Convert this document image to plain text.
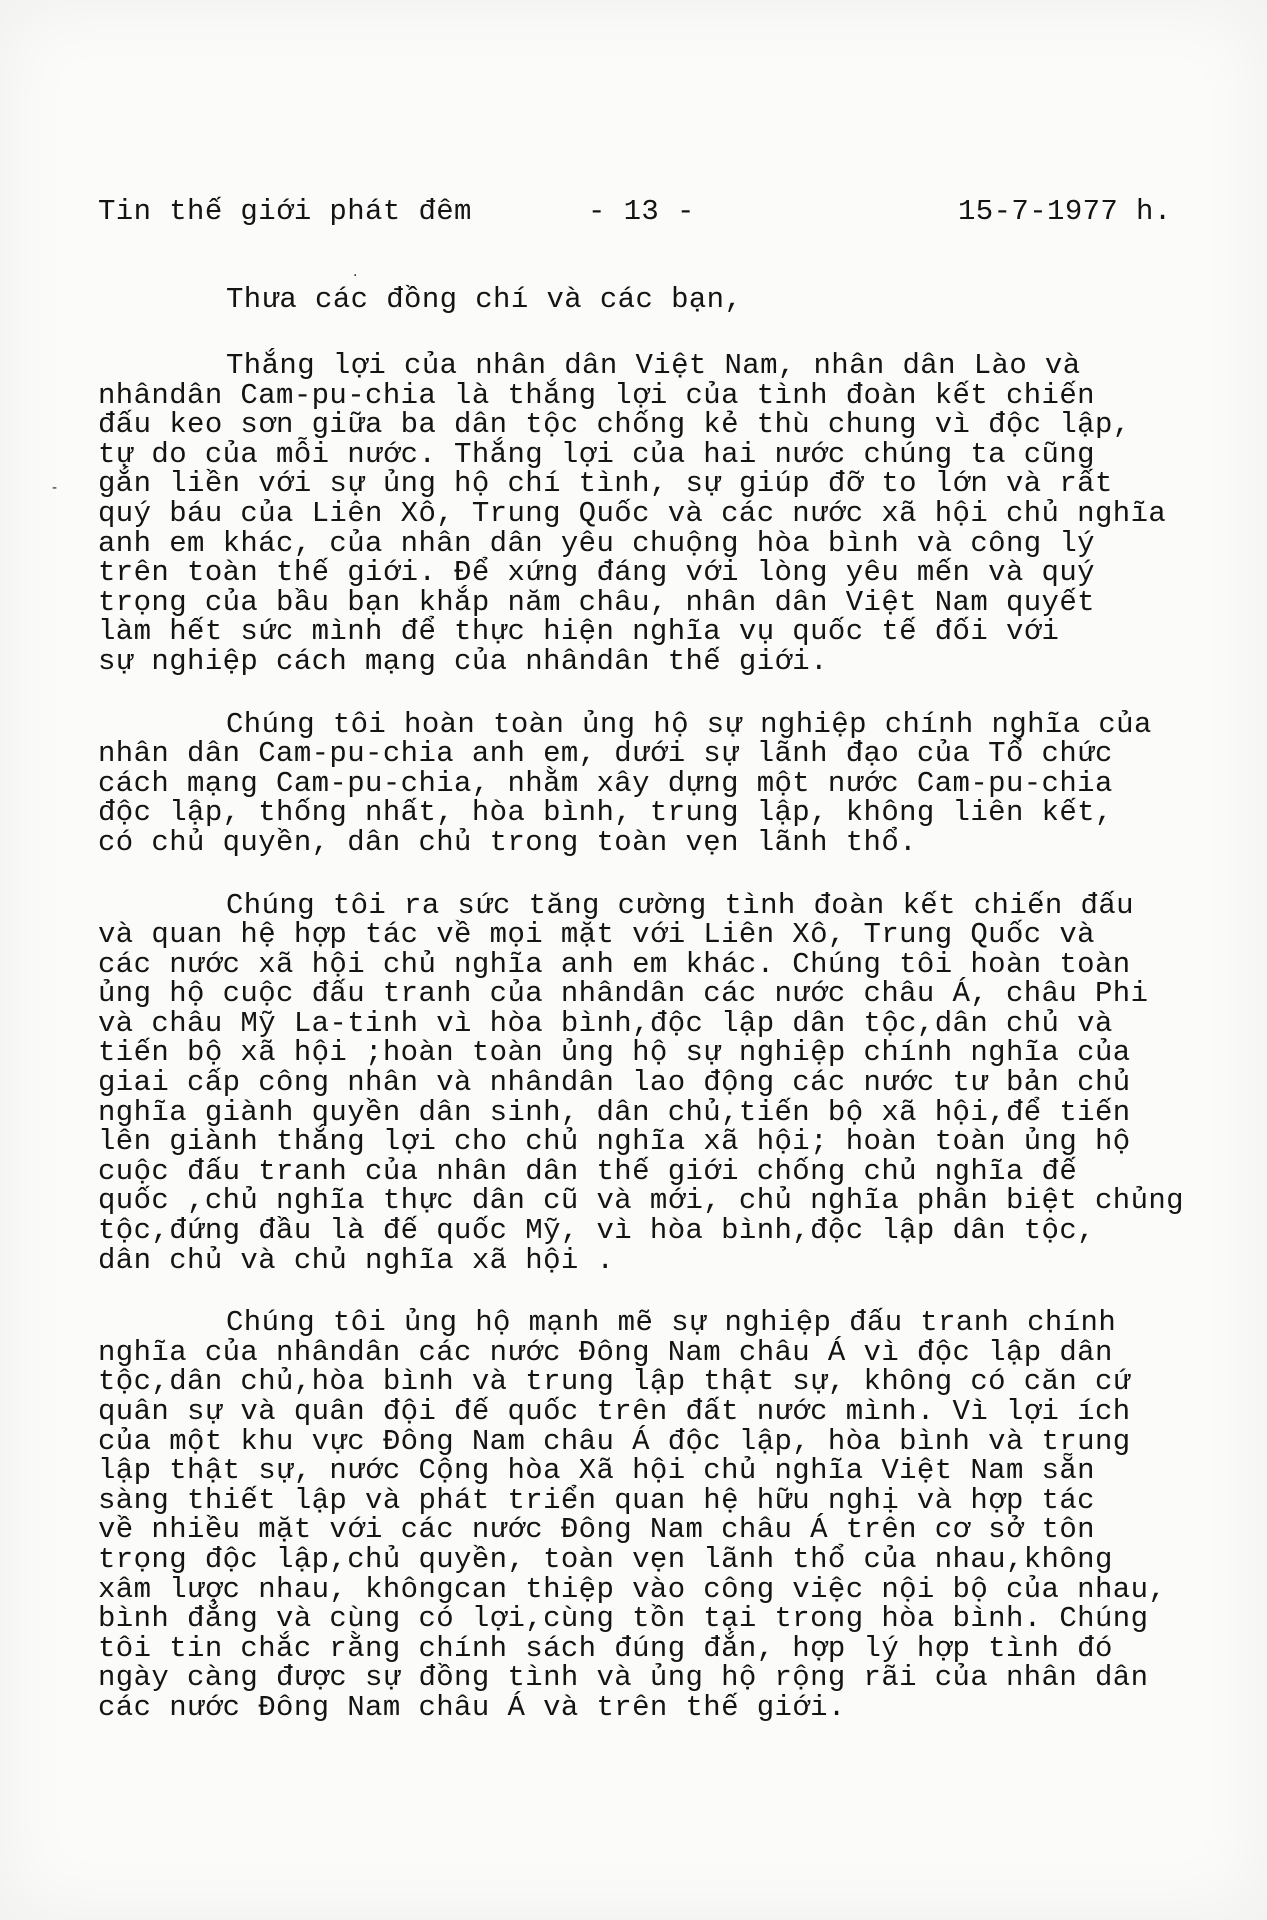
Tin thế giới phát đêm	- 13 -	15-7-1977 h.
·
-
Thưa các đồng chí và các bạn,
Thắng lợi của nhân dân Việt Nam, nhân dân Lào và
nhândân Cam-pu-chia là thắng lợi của tình đoàn kết chiến
đấu keo sơn giữa ba dân tộc chống kẻ thù chung vì độc lập,
tự do của mỗi nước. Thắng lợi của hai nước chúng ta cũng
gắn liền với sự ủng hộ chí tình, sự giúp đỡ to lớn và rất
quý báu của Liên Xô, Trung Quốc và các nước xã hội chủ nghĩa
anh em khác, của nhân dân yêu chuộng hòa bình và công lý
trên toàn thế giới. Để xứng đáng với lòng yêu mến và quý
trọng của bầu bạn khắp năm châu, nhân dân Việt Nam quyết
làm hết sức mình để thực hiện nghĩa vụ quốc tế đối với
sự nghiệp cách mạng của nhândân thế giới.
Chúng tôi hoàn toàn ủng hộ sự nghiệp chính nghĩa của
nhân dân Cam-pu-chia anh em, dưới sự lãnh đạo của Tổ chức
cách mạng Cam-pu-chia, nhằm xây dựng một nước Cam-pu-chia
độc lập, thống nhất, hòa bình, trung lập, không liên kết,
có chủ quyền, dân chủ trong toàn vẹn lãnh thổ.
Chúng tôi ra sức tăng cường tình đoàn kết chiến đấu
và quan hệ hợp tác về mọi mặt với Liên Xô, Trung Quốc và
các nước xã hội chủ nghĩa anh em khác. Chúng tôi hoàn toàn
ủng hộ cuộc đấu tranh của nhândân các nước châu Á, châu Phi
và châu Mỹ La-tinh vì hòa bình,độc lập dân tộc,dân chủ và
tiến bộ xã hội ;hoàn toàn ủng hộ sự nghiệp chính nghĩa của
giai cấp công nhân và nhândân lao động các nước tư bản chủ
nghĩa giành quyền dân sinh, dân chủ,tiến bộ xã hội,để tiến
lên giành thắng lợi cho chủ nghĩa xã hội; hoàn toàn ủng hộ
cuộc đấu tranh của nhân dân thế giới chống chủ nghĩa đế
quốc ,chủ nghĩa thực dân cũ và mới, chủ nghĩa phân biệt chủng
tộc,đứng đầu là đế quốc Mỹ, vì hòa bình,độc lập dân tộc,
dân chủ và chủ nghĩa xã hội .
Chúng tôi ủng hộ mạnh mẽ sự nghiệp đấu tranh chính
nghĩa của nhândân các nước Đông Nam châu Á vì độc lập dân
tộc,dân chủ,hòa bình và trung lập thật sự, không có căn cứ
quân sự và quân đội đế quốc trên đất nước mình. Vì lợi ích
của một khu vực Đông Nam châu Á độc lập, hòa bình và trung
lập thật sự, nước Cộng hòa Xã hội chủ nghĩa Việt Nam sẵn
sàng thiết lập và phát triển quan hệ hữu nghị và hợp tác
về nhiều mặt với các nước Đông Nam châu Á trên cơ sở tôn
trọng độc lập,chủ quyền, toàn vẹn lãnh thổ của nhau,không
xâm lược nhau, khôngcan thiệp vào công việc nội bộ của nhau,
bình đẳng và cùng có lợi,cùng tồn tại trong hòa bình. Chúng
tôi tin chắc rằng chính sách đúng đắn, hợp lý hợp tình đó
ngày càng được sự đồng tình và ủng hộ rộng rãi của nhân dân
các nước Đông Nam châu Á và trên thế giới.
